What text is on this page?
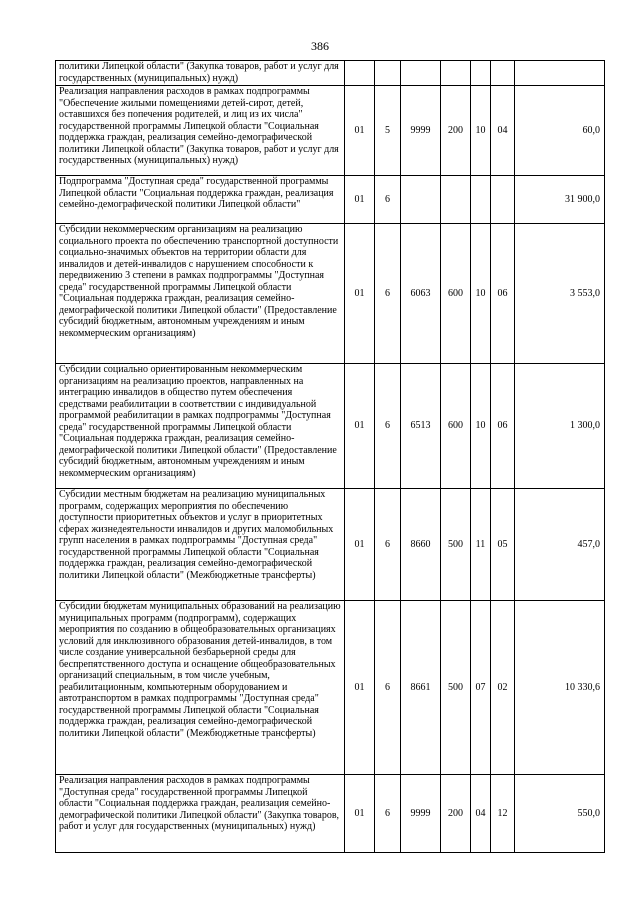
386
политики Липецкой области" (Закупка товаров, работ и услуг для государственных (муниципальных) нужд)							

Реализация направления расходов в рамках подпрограммы "Обеспечение жилыми помещениями детей-сирот, детей, оставшихся без попечения родителей, и лиц из их числа" государственной программы Липецкой области "Социальная поддержка граждан, реализация семейно-демографической политики Липецкой области" (Закупка товаров, работ и услуг для государственных (муниципальных) нужд)	01	5	9999	200	10	04	60,0

Подпрограмма "Доступная среда" государственной программы Липецкой области "Социальная поддержка граждан, реализация семейно-демографической политики Липецкой области"	01	6					31 900,0

Субсидии некоммерческим организациям на реализацию социального проекта по обеспечению транспортной доступности социально-значимых объектов на территории области для инвалидов и детей-инвалидов с нарушением способности к передвижению 3 степени в рамках подпрограммы "Доступная среда" государственной программы Липецкой области "Социальная поддержка граждан, реализация семейно-демографической политики Липецкой области" (Предоставление субсидий бюджетным, автономным учреждениям и иным некоммерческим организациям)	01	6	6063	600	10	06	3 553,0

Субсидии социально ориентированным некоммерческим организациям на реализацию проектов, направленных на интеграцию инвалидов в общество путем обеспечения средствами реабилитации в соответствии с индивидуальной программой реабилитации в рамках подпрограммы "Доступная среда" государственной программы Липецкой области "Социальная поддержка граждан, реализация семейно-демографической политики Липецкой области" (Предоставление субсидий бюджетным, автономным учреждениям и иным некоммерческим организациям)	01	6	6513	600	10	06	1 300,0

Субсидии местным бюджетам на реализацию муниципальных программ, содержащих мероприятия по обеспечению доступности приоритетных объектов и услуг в приоритетных сферах жизнедеятельности инвалидов и других маломобильных групп населения в рамках подпрограммы "Доступная среда" государственной программы Липецкой области "Социальная поддержка граждан, реализация семейно-демографической политики Липецкой области" (Межбюджетные трансферты)	01	6	8660	500	11	05	457,0

Субсидии бюджетам муниципальных образований на реализацию муниципальных программ (подпрограмм), содержащих мероприятия по созданию в общеобразовательных организациях условий для инклюзивного образования детей-инвалидов, в том числе создание универсальной безбарьерной среды для беспрепятственного доступа и оснащение общеобразовательных организаций специальным, в том числе учебным, реабилитационным, компьютерным оборудованием и автотранспортом в рамках подпрограммы "Доступная среда" государственной программы Липецкой области "Социальная поддержка граждан, реализация семейно-демографической политики Липецкой области" (Межбюджетные трансферты)	01	6	8661	500	07	02	10 330,6

Реализация направления расходов в рамках подпрограммы "Доступная среда" государственной программы Липецкой области "Социальная поддержка граждан, реализация семейно-демографической политики Липецкой области" (Закупка товаров, работ и услуг для государственных (муниципальных) нужд)	01	6	9999	200	04	12	550,0
